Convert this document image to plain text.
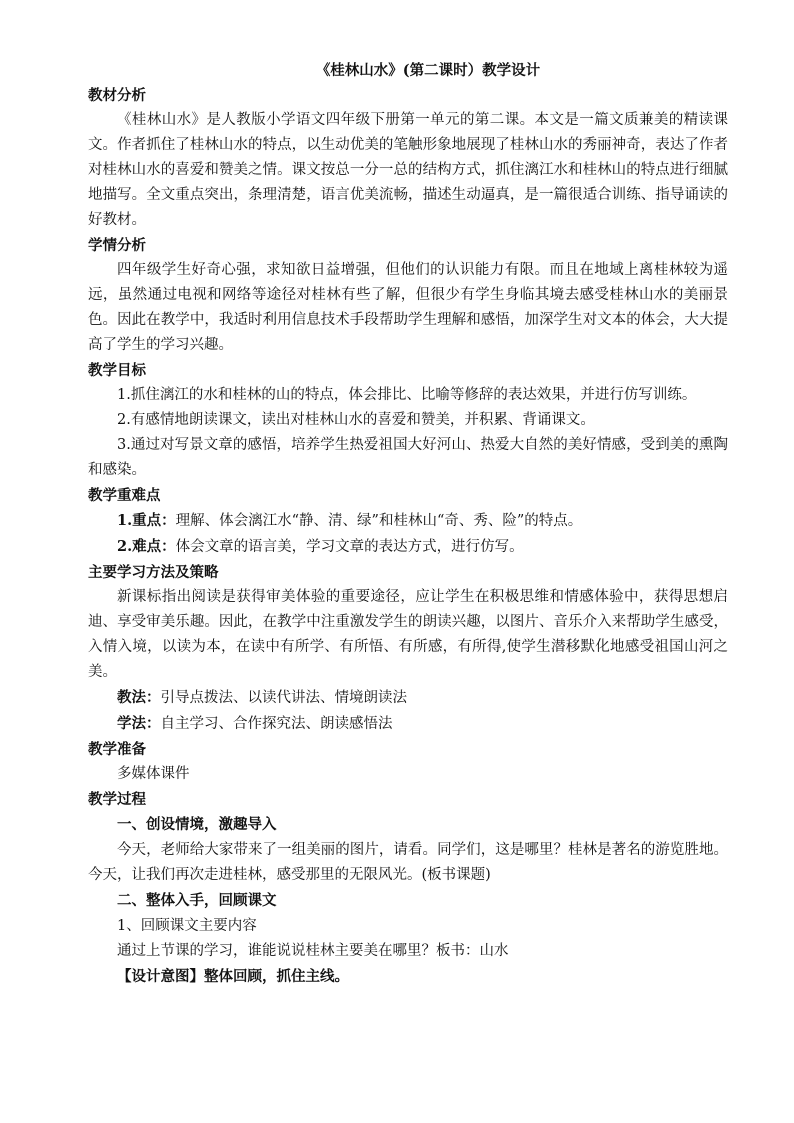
《桂林山水》(第二课时）教学设计
教材分析
《桂林山水》是人教版小学语文四年级下册第一单元的第二课。本文是一篇文质兼美的精读课文。作者抓住了桂林山水的特点，以生动优美的笔触形象地展现了桂林山水的秀丽神奇，表达了作者对桂林山水的喜爱和赞美之情。课文按总一分一总的结构方式，抓住漓江水和桂林山的特点进行细腻地描写。全文重点突出，条理清楚，语言优美流畅，描述生动逼真，是一篇很适合训练、指导诵读的好教材。
学情分析
四年级学生好奇心强，求知欲日益增强，但他们的认识能力有限。而且在地域上离桂林较为遥远，虽然通过电视和网络等途径对桂林有些了解，但很少有学生身临其境去感受桂林山水的美丽景色。因此在教学中，我适时利用信息技术手段帮助学生理解和感悟，加深学生对文本的体会，大大提高了学生的学习兴趣。
教学目标
1.抓住漓江的水和桂林的山的特点，体会排比、比喻等修辞的表达效果，并进行仿写训练。
2.有感情地朗读课文，读出对桂林山水的喜爱和赞美，并积累、背诵课文。
3.通过对写景文章的感悟，培养学生热爱祖国大好河山、热爱大自然的美好情感，受到美的熏陶和感染。
教学重难点
1.重点：理解、体会漓江水“静、清、绿”和桂林山“奇、秀、险”的特点。
2.难点：体会文章的语言美，学习文章的表达方式，进行仿写。
主要学习方法及策略
新课标指出阅读是获得审美体验的重要途径，应让学生在积极思维和情感体验中，获得思想启迪、享受审美乐趣。因此，在教学中注重激发学生的朗读兴趣，以图片、音乐介入来帮助学生感受，入情入境，以读为本，在读中有所学、有所悟、有所感，有所得,使学生潜移默化地感受祖国山河之美。
教法：引导点拨法、以读代讲法、情境朗读法
学法：自主学习、合作探究法、朗读感悟法
教学准备
多媒体课件
教学过程
一、创设情境，激趣导入
今天，老师给大家带来了一组美丽的图片，请看。同学们，这是哪里？桂林是著名的游览胜地。今天，让我们再次走进桂林，感受那里的无限风光。(板书课题)
二、整体入手，回顾课文
1、回顾课文主要内容
通过上节课的学习，谁能说说桂林主要美在哪里？板书：山水
【设计意图】整体回顾，抓住主线。
